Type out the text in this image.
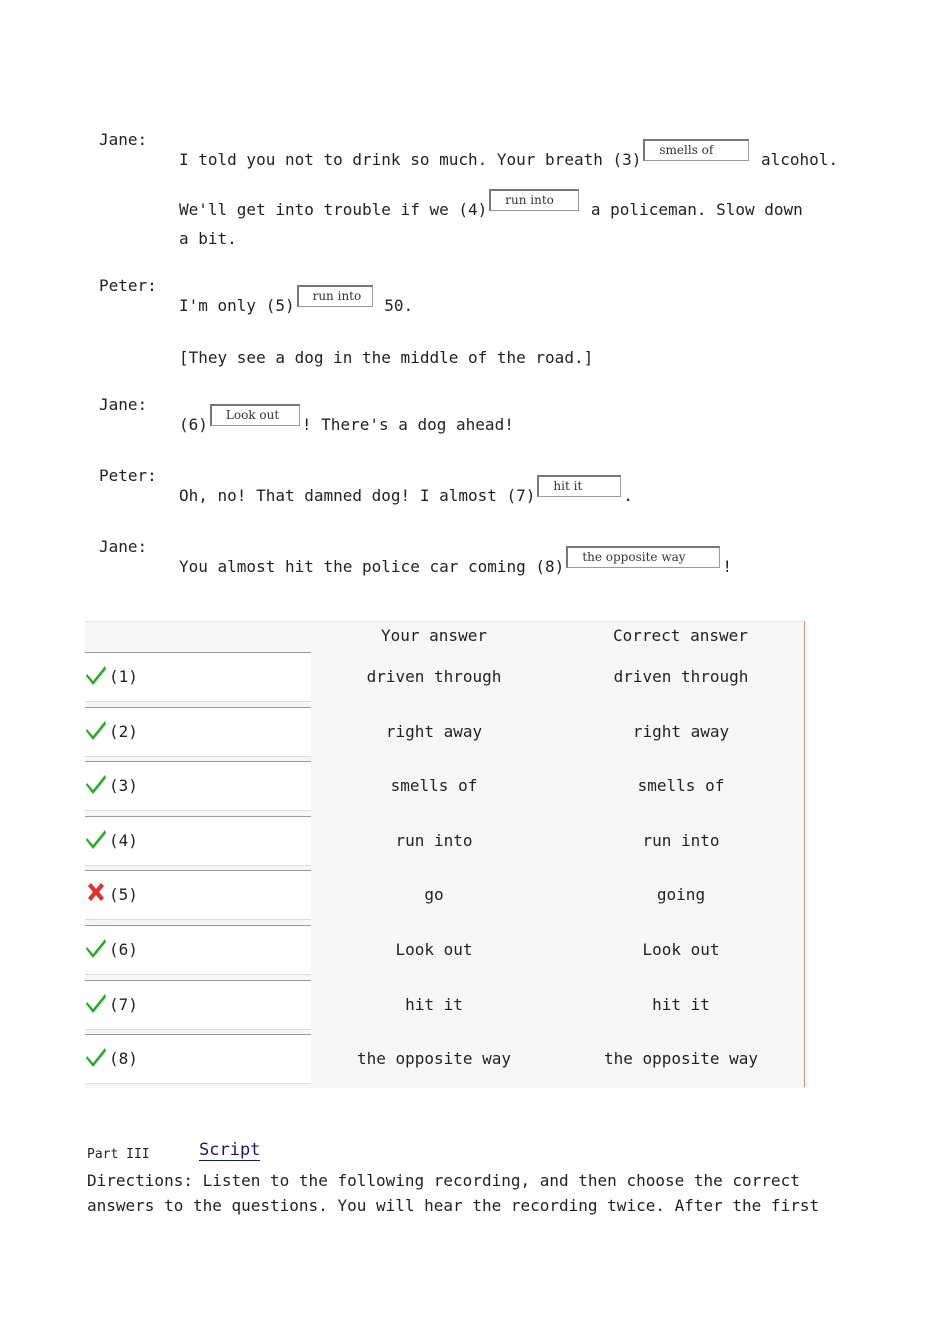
Jane:
I told you not to drink so much. Your breath (3) smells of	alcohol.
We'll get into trouble if we (4) run into a policeman. Slow down
a bit.
Peter:
I'm only (5) run into 50.
[They see a dog in the middle of the road.]
Jane:
(6) Look out ! There's a dog ahead!
Peter:
Oh, no! That damned dog! I almost (7) hit it	.
Jane:
You almost hit the police car coming (8) the opposite way !
Your answer	Correct answer
(1)	driven through	driven through
(2)	right away	right away
(3)	smells of	smells of
(4)	run into	run into
(5)	go	going
(6)	Look out	Look out
(7)	hit it	hit it
(8)	the opposite way	the opposite way
Part III	Script
Directions: Listen to the following recording, and then choose the correct
answers to the questions. You will hear the recording twice. After the first
